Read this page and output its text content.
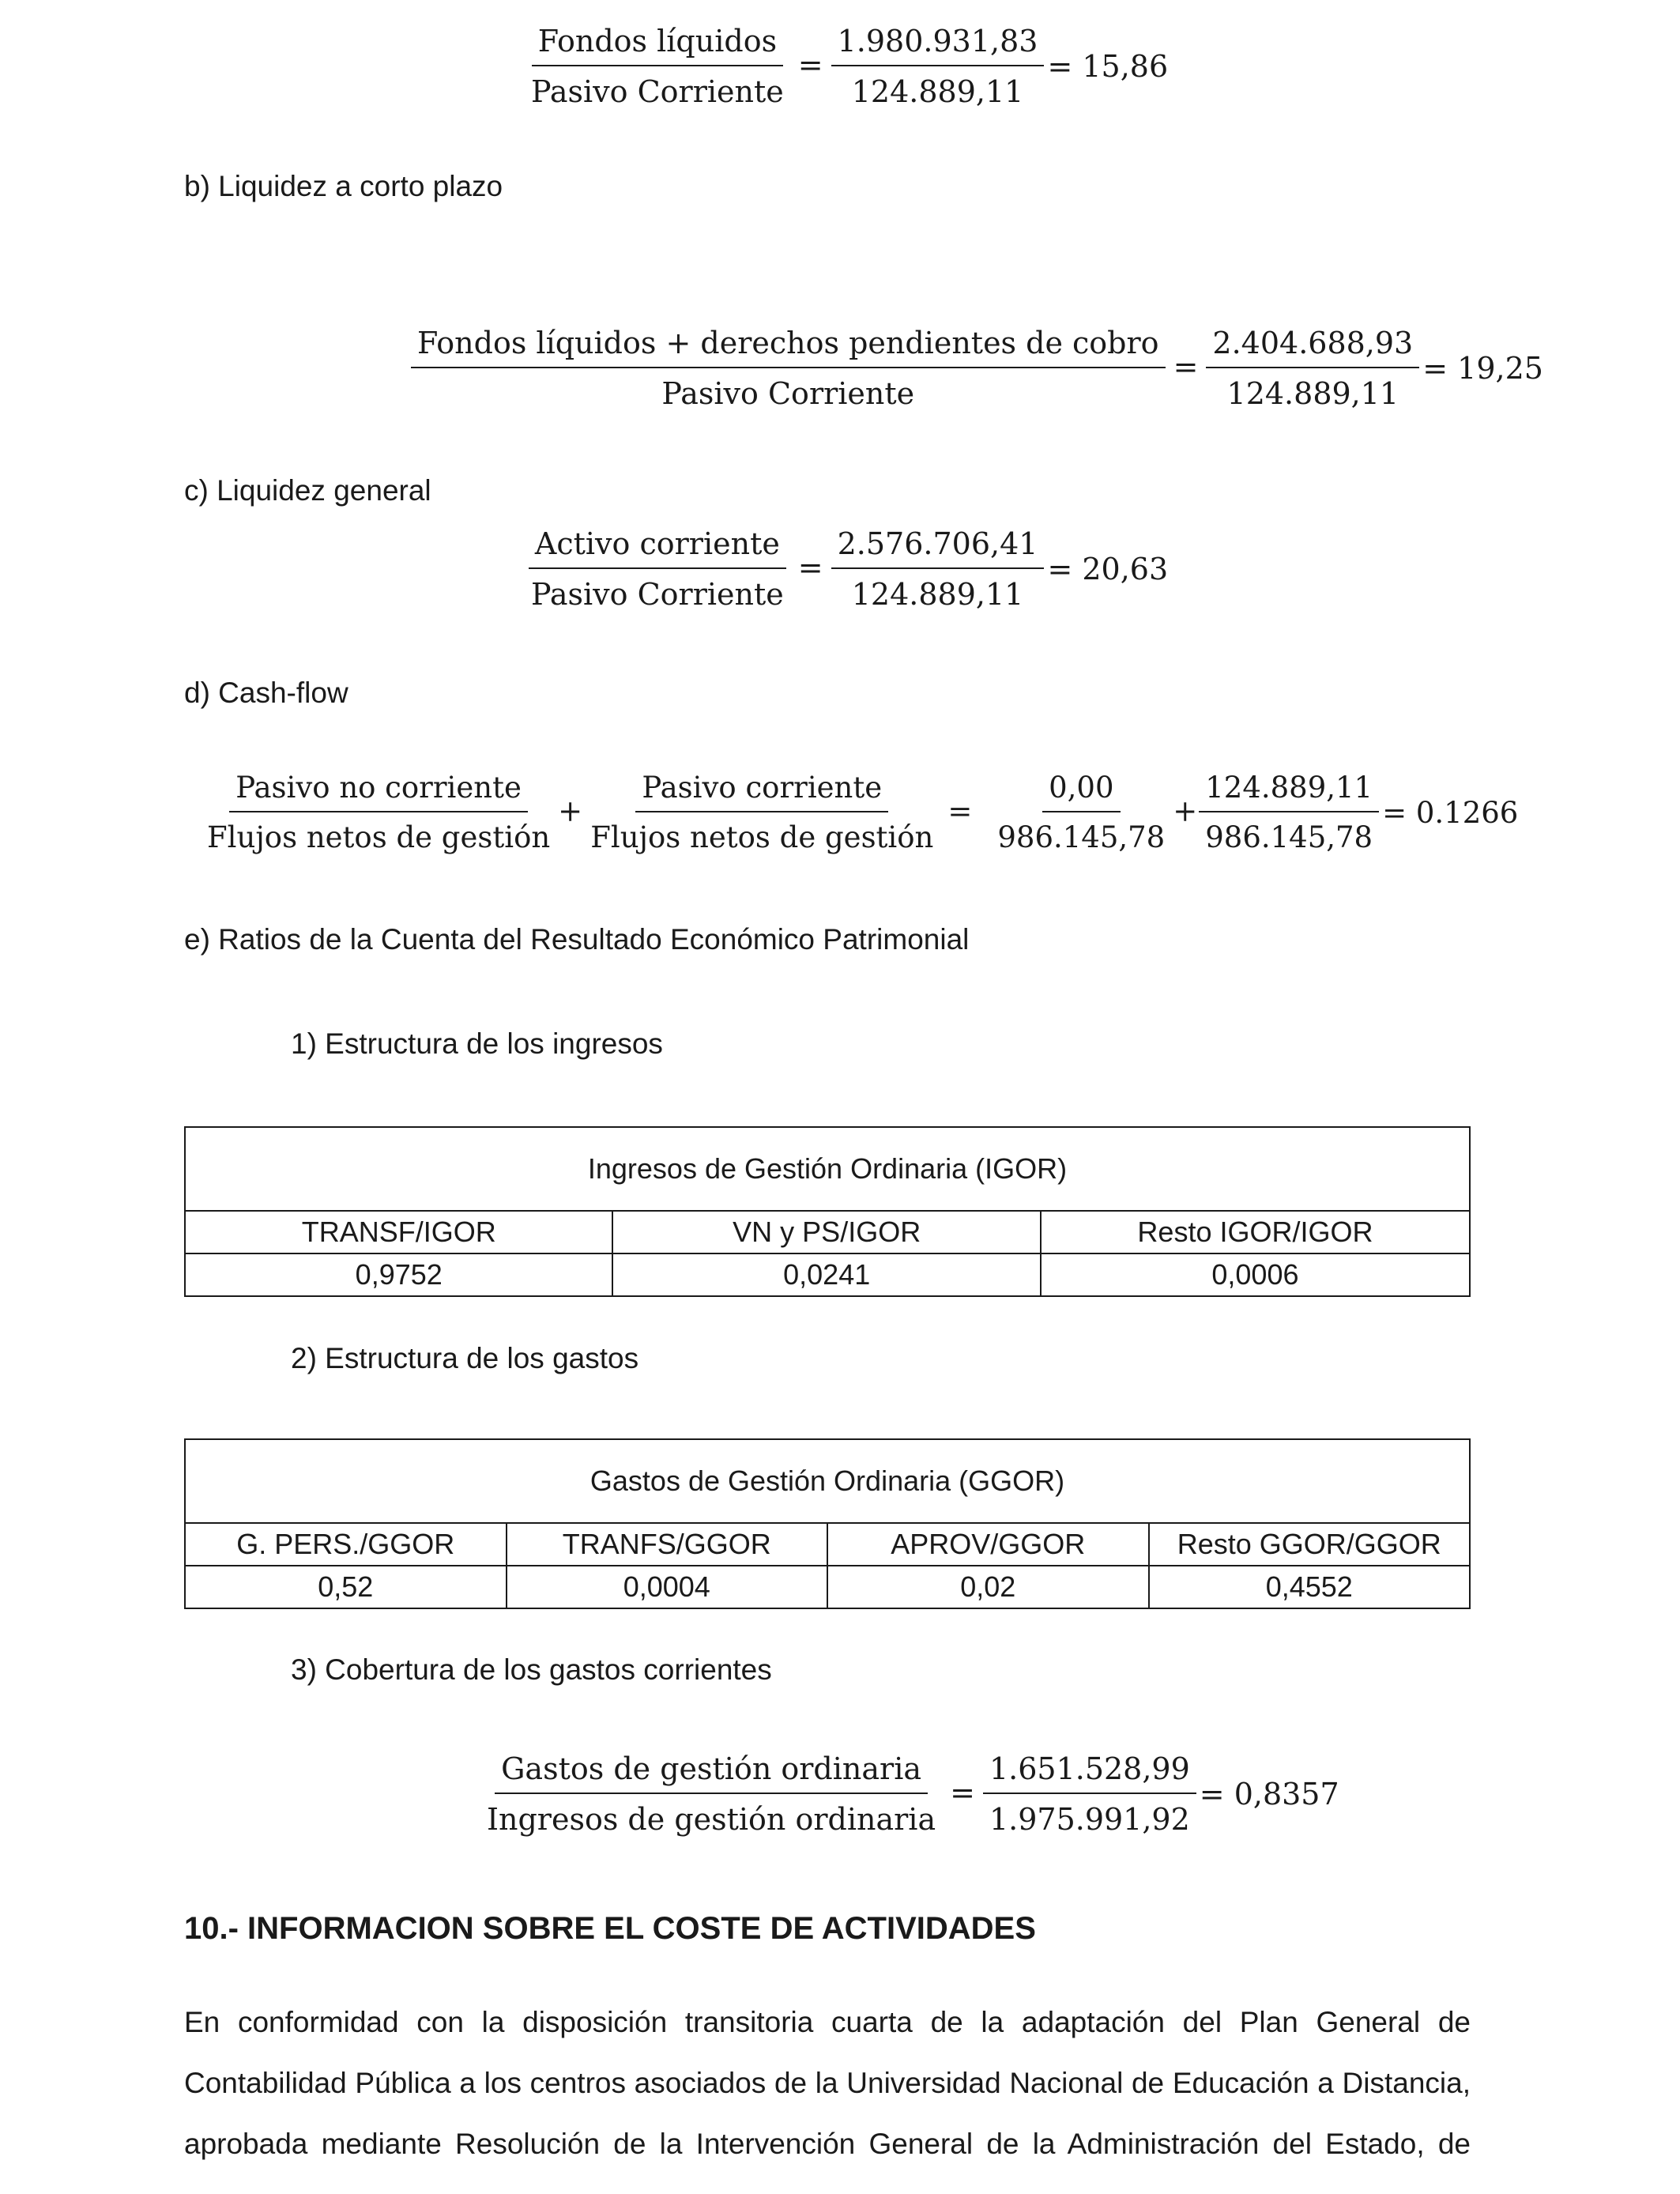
$\frac{\text{Fondos líquidos}}{\text{Pasivo Corriente}} = \frac{1.980.931,83}{124.889,11} = 15,86$
b) Liquidez a corto plazo
$\frac{\text{Fondos líquidos + derechos pendientes de cobro}}{\text{Pasivo Corriente}} = \frac{2.404.688,93}{124.889,11} = 19,25$
c) Liquidez general
$\frac{\text{Activo corriente}}{\text{Pasivo Corriente}} = \frac{2.576.706,41}{124.889,11} = 20,63$
d) Cash-flow
$\frac{\text{Pasivo no corriente}}{\text{Flujos netos de gestión}} + \frac{\text{Pasivo corriente}}{\text{Flujos netos de gestión}} = \frac{0,00}{986.145,78} + \frac{124.889,11}{986.145,78} = 0.1266$
e) Ratios de la Cuenta del Resultado Económico Patrimonial
1) Estructura de los ingresos
Ingresos de Gestión Ordinaria (IGOR)		
TRANSF/IGOR	VN y PS/IGOR	Resto IGOR/IGOR
0,9752	0,0241	0,0006
2) Estructura de los gastos
Gastos de Gestión Ordinaria (GGOR)			
G. PERS./GGOR	TRANFS/GGOR	APROV/GGOR	Resto GGOR/GGOR
0,52	0,0004	0,02	0,4552
3) Cobertura de los gastos corrientes
$\frac{\text{Gastos de gestión ordinaria}}{\text{Ingresos de gestión ordinaria}} = \frac{1.651.528,99}{1.975.991,92} = 0,8357$
10.- INFORMACION SOBRE EL COSTE DE ACTIVIDADES
En conformidad con la disposición transitoria cuarta de la adaptación del Plan General de
Contabilidad Pública a los centros asociados de la Universidad Nacional de Educación a Distancia,
aprobada mediante Resolución de la Intervención General de la Administración del Estado, de
